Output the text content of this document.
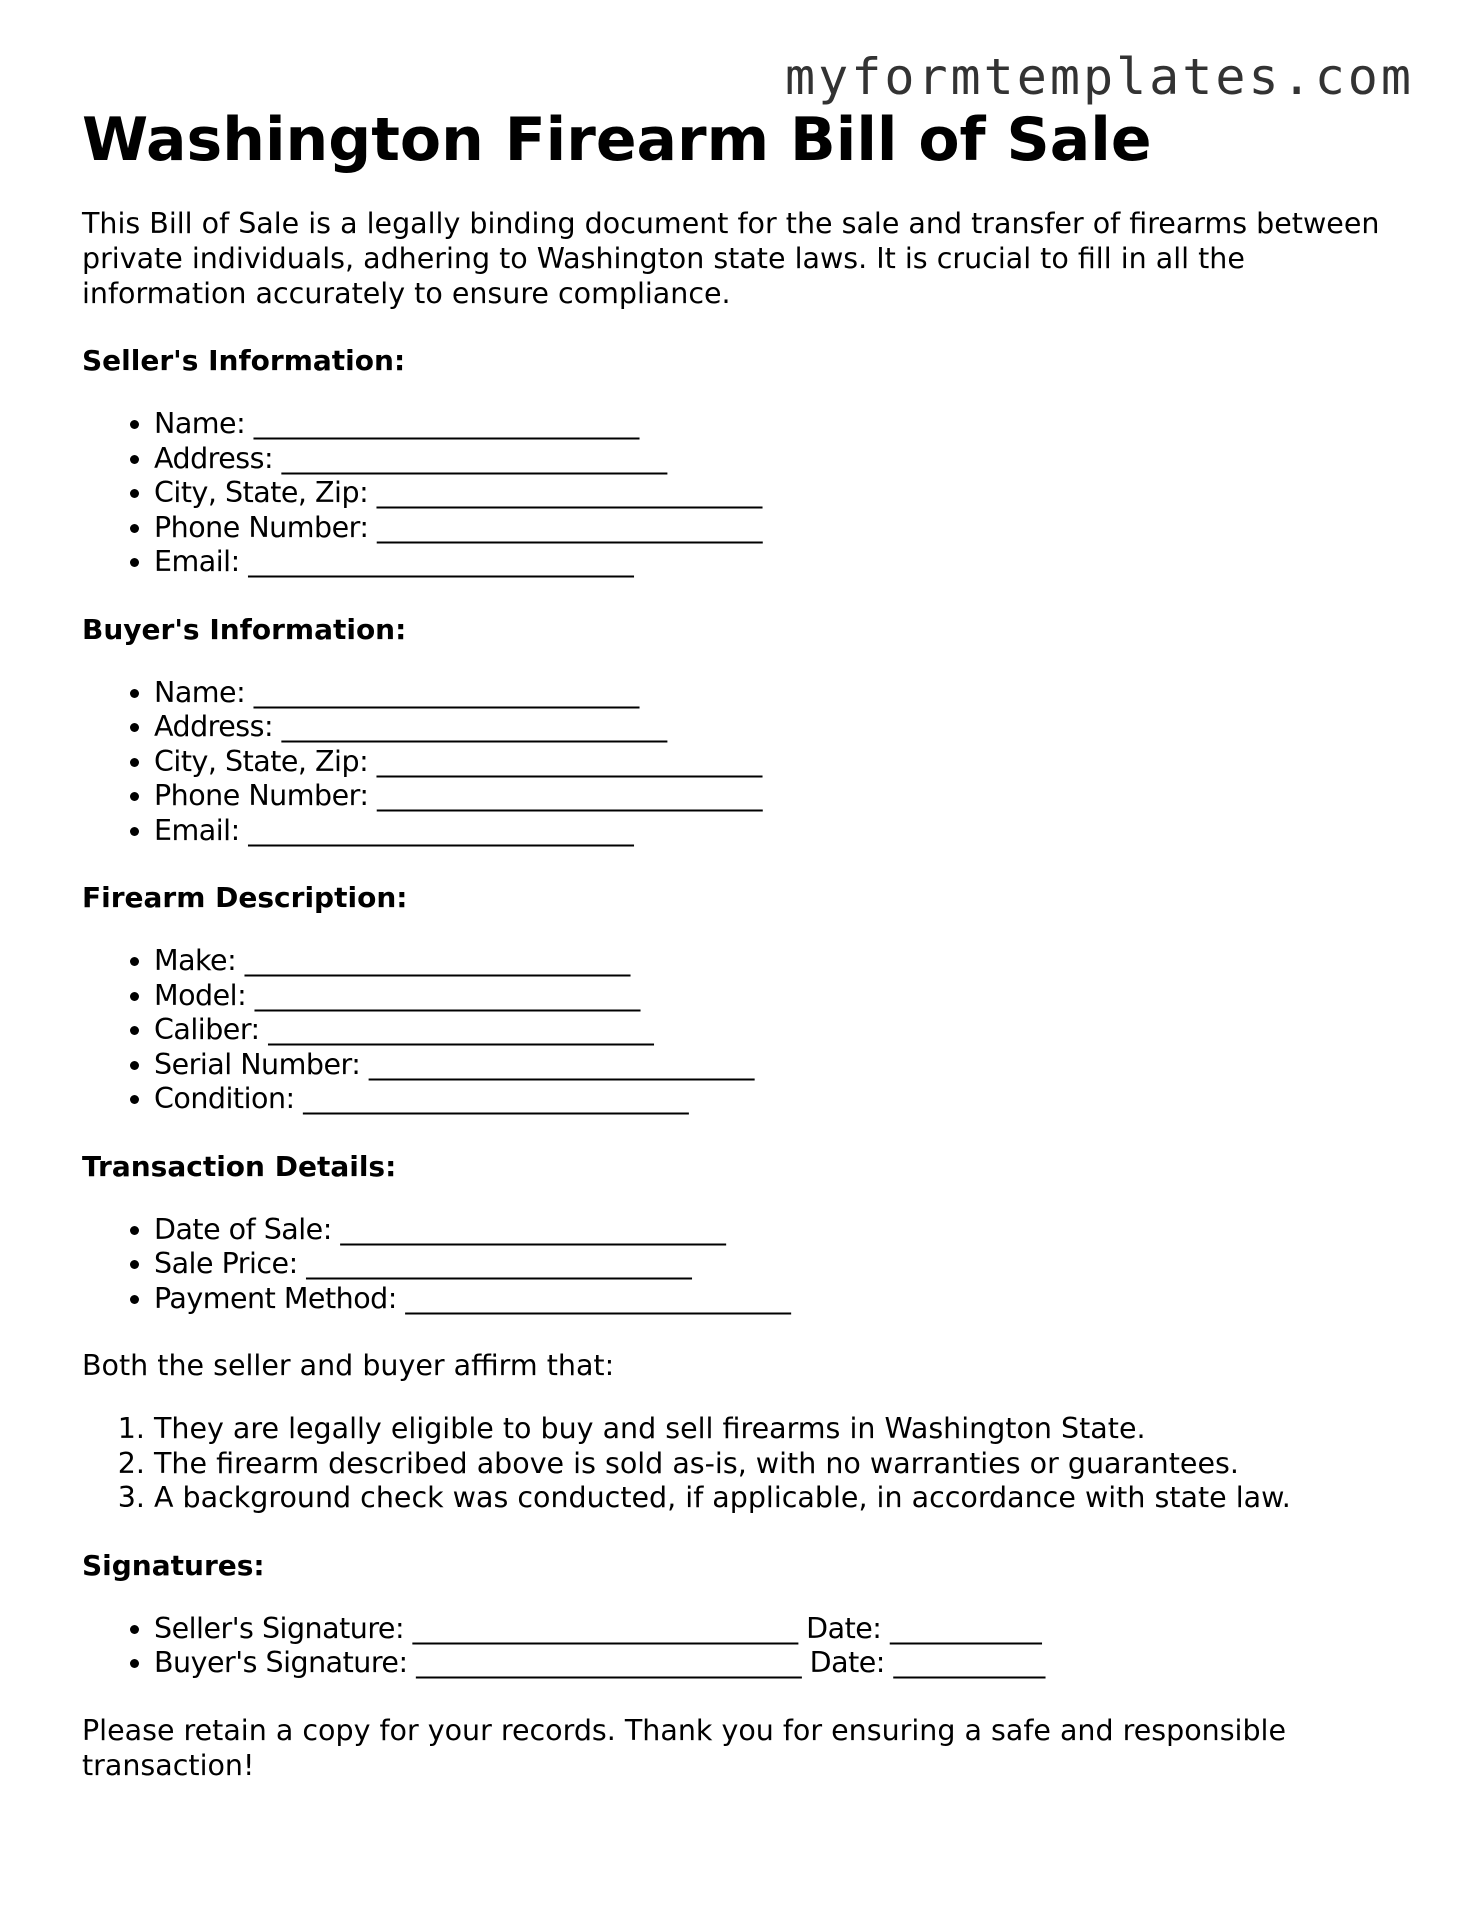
myformtemplates.com
Washington Firearm Bill of Sale

This Bill of Sale is a legally binding document for the sale and transfer of firearms between private individuals, adhering to Washington state laws. It is crucial to fill in all the information accurately to ensure compliance.

Seller's Information:
• Name: ____________________________
• Address: ____________________________
• City, State, Zip: ____________________________
• Phone Number: ____________________________
• Email: ____________________________
Buyer's Information:
• Name: ____________________________
• Address: ____________________________
• City, State, Zip: ____________________________
• Phone Number: ____________________________
• Email: ____________________________
Firearm Description:
• Make: ____________________________
• Model: ____________________________
• Caliber: ____________________________
• Serial Number: ____________________________
• Condition: ____________________________
Transaction Details:
• Date of Sale: ____________________________
• Sale Price: ____________________________
• Payment Method: ____________________________

Both the seller and buyer affirm that:

1. They are legally eligible to buy and sell firearms in Washington State.
2. The firearm described above is sold as-is, with no warranties or guarantees.
3. A background check was conducted, if applicable, in accordance with state law.
Signatures:
• Seller's Signature: ____________________________ Date: ___________
• Buyer's Signature: ____________________________ Date: ___________

Please retain a copy for your records. Thank you for ensuring a safe and responsible transaction!
